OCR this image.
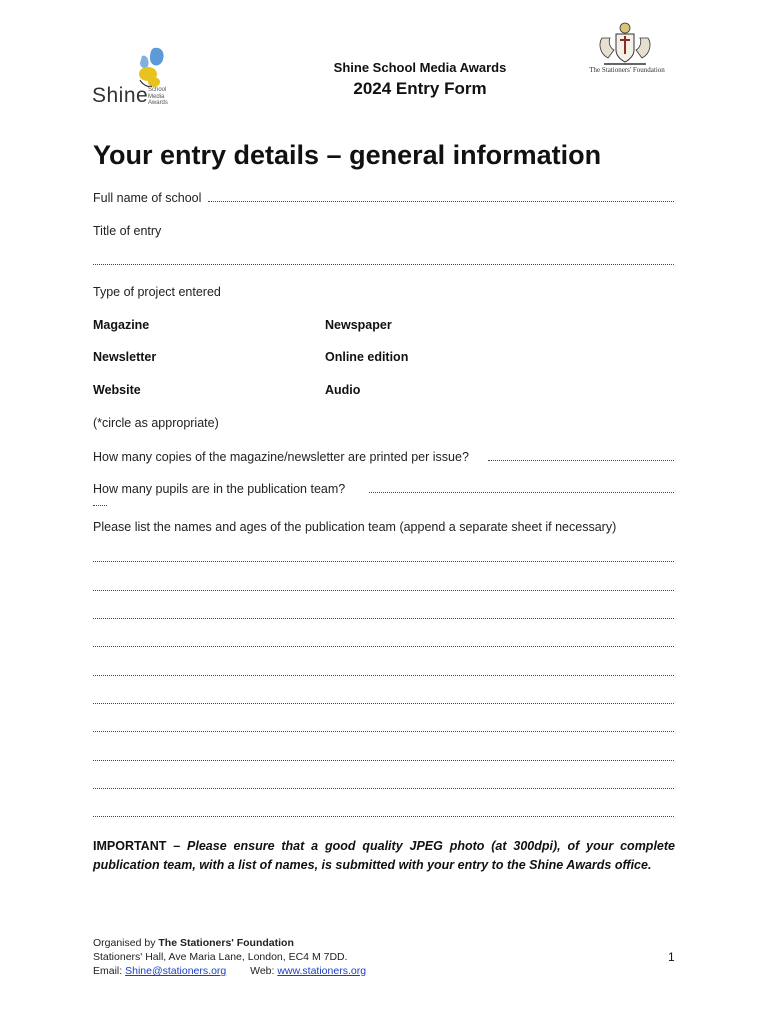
Shine School
Media
Awards
Shine School Media Awards
2024 Entry Form
The Stationers' Foundation
Your entry details – general information
Full name of school
Title of entry
Type of project entered
Magazine	Newspaper
Newsletter	Online edition
Website	Audio
(*circle as appropriate)
How many copies of the magazine/newsletter are printed per issue?
How many pupils are in the publication team?
Please list the names and ages of the publication team (append a separate sheet if necessary)
IMPORTANT – Please ensure that a good quality JPEG photo (at 300dpi), of your complete publication team, with a list of names, is submitted with your entry to the Shine Awards office.
Organised by The Stationers' Foundation
Stationers' Hall, Ave Maria Lane, London, EC4 M 7DD.
Email: Shine@stationers.org Web: www.stationers.org
1
